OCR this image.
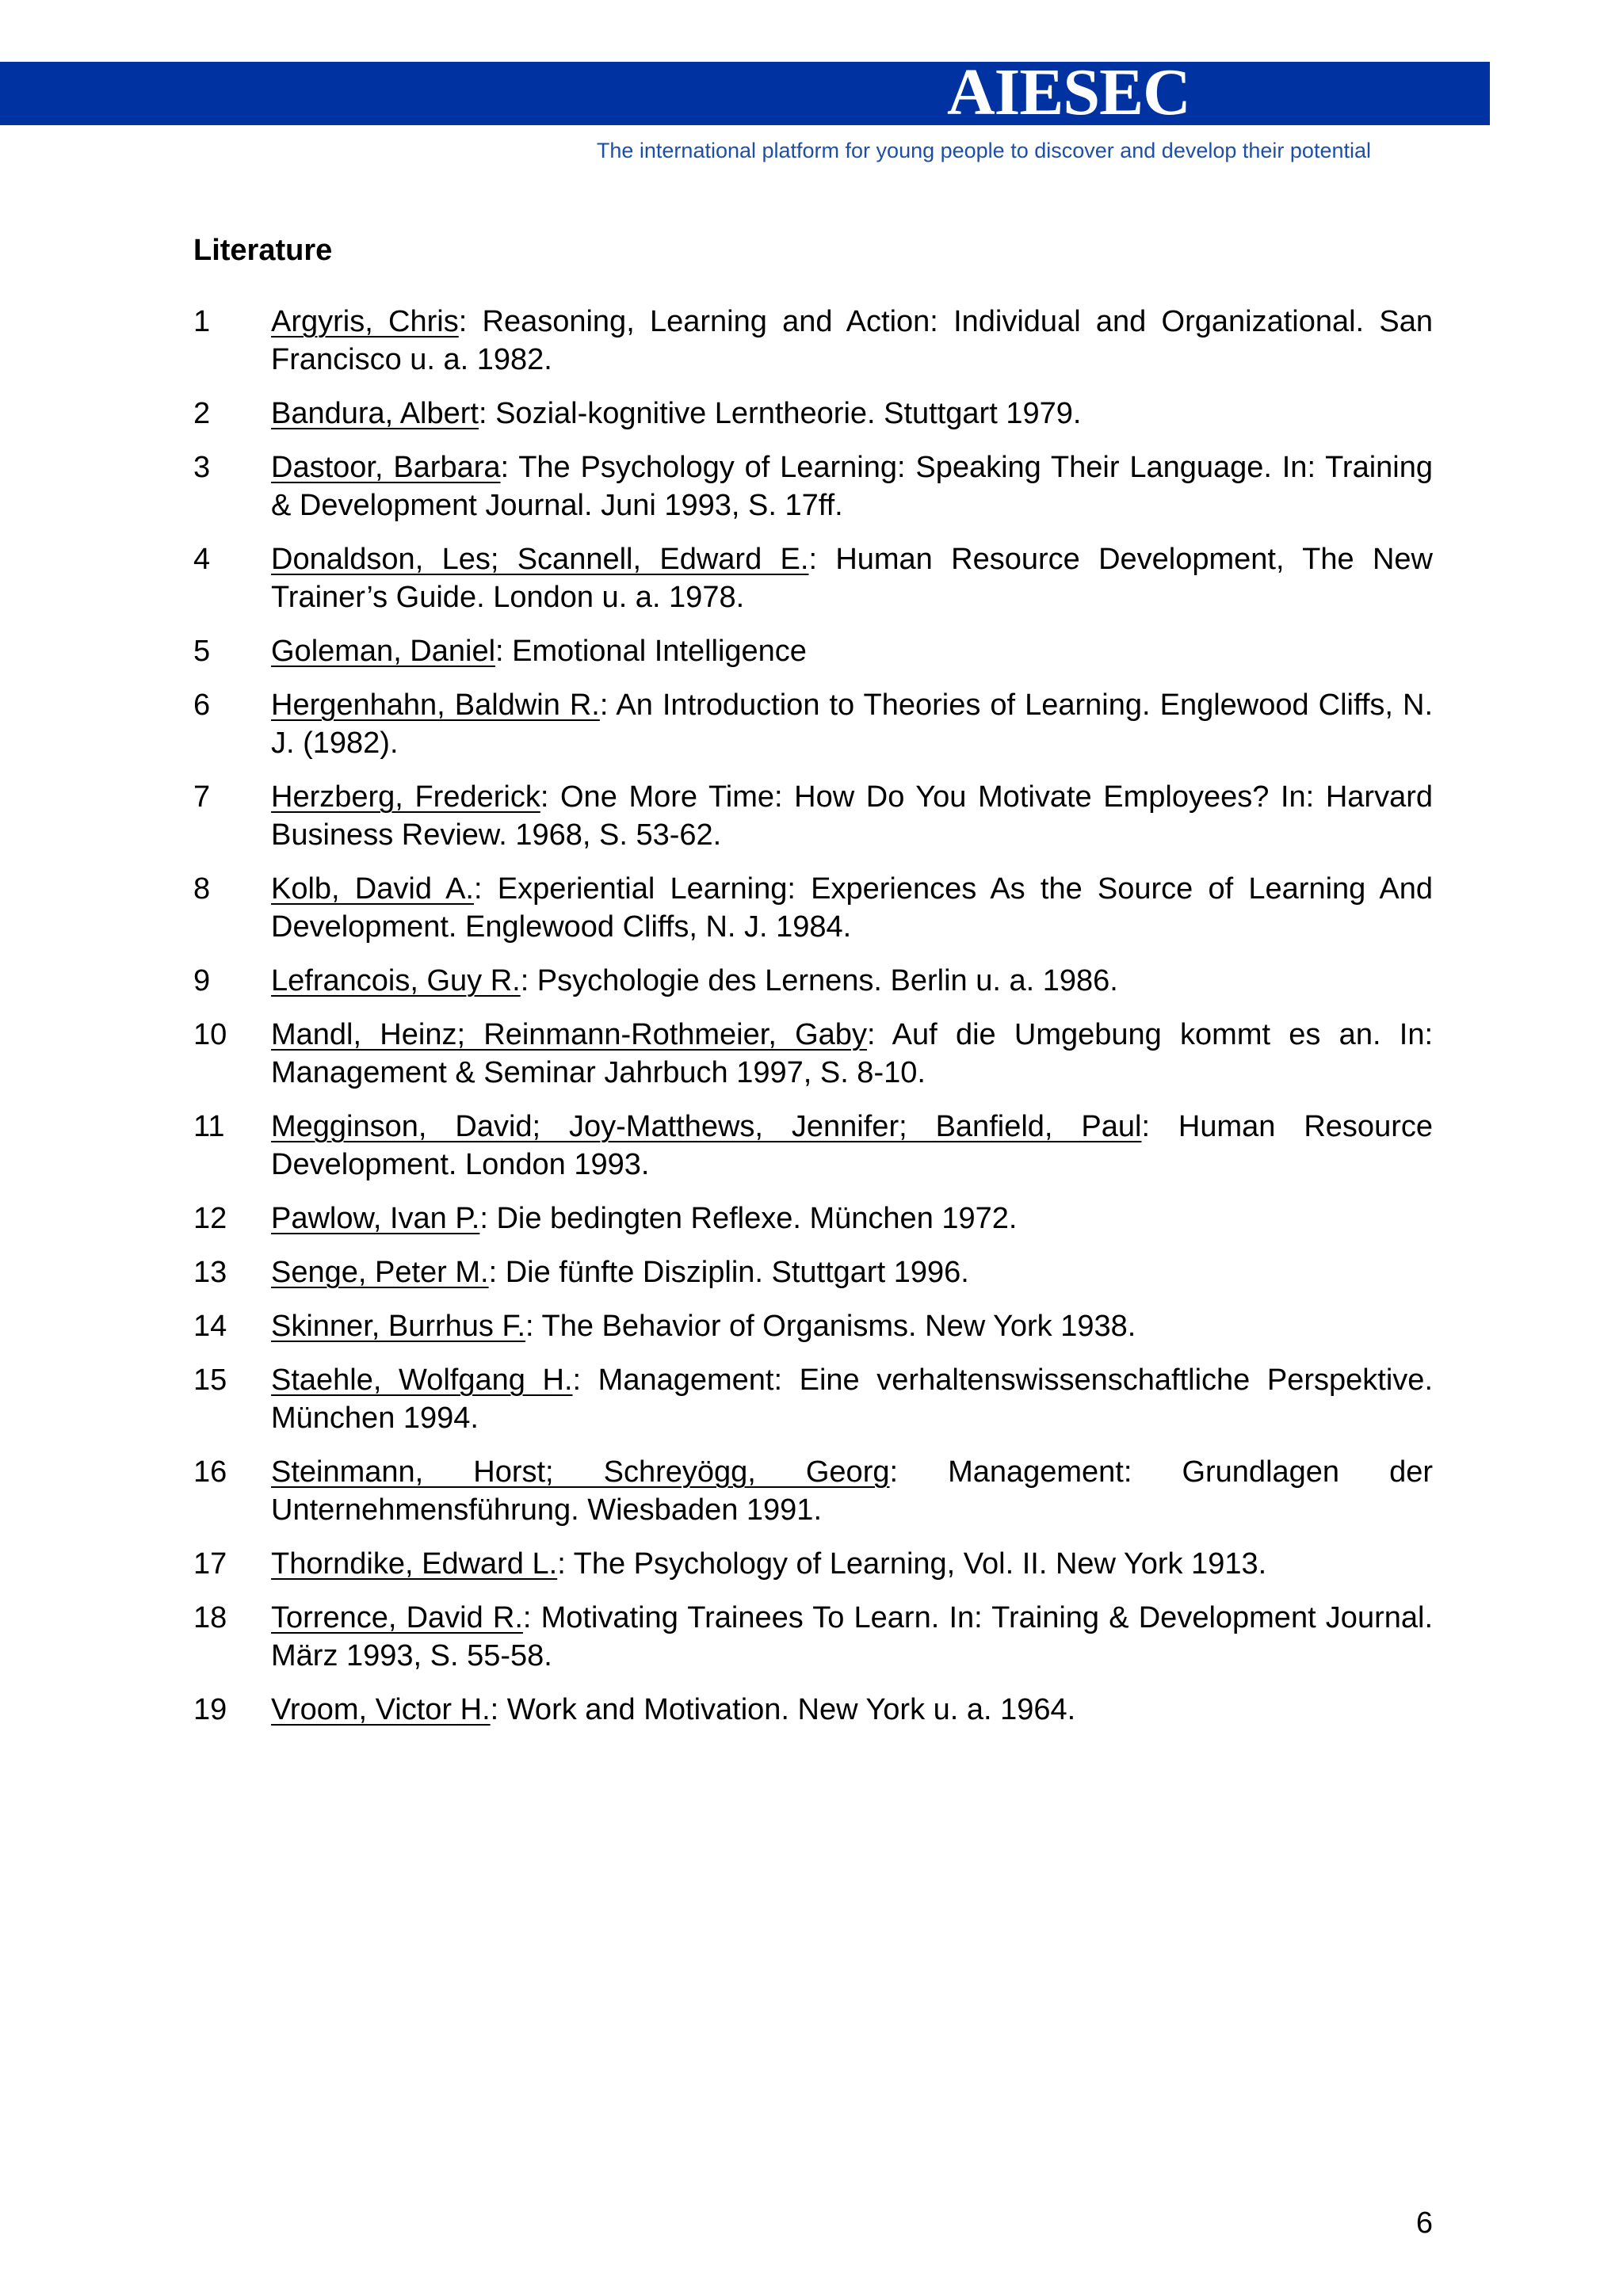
AIESEC
The international platform for young people to discover and develop their potential
Literature
1	Argyris, Chris: Reasoning, Learning and Action: Individual and Organizational. San Francisco u. a. 1982.
2	Bandura, Albert: Sozial-kognitive Lerntheorie. Stuttgart 1979.
3	Dastoor, Barbara: The Psychology of Learning: Speaking Their Language. In: Training & Development Journal. Juni 1993, S. 17ff.
4	Donaldson, Les; Scannell, Edward E.: Human Resource Development, The New Trainer’s Guide. London u. a. 1978.
5	Goleman, Daniel: Emotional Intelligence
6	Hergenhahn, Baldwin R.: An Introduction to Theories of Learning. Englewood Cliffs, N. J. (1982).
7	Herzberg, Frederick: One More Time: How Do You Motivate Employees? In: Harvard Business Review. 1968, S. 53-62.
8	Kolb, David A.: Experiential Learning: Experiences As the Source of Learning And Development. Englewood Cliffs, N. J. 1984.
9	Lefrancois, Guy R.: Psychologie des Lernens. Berlin u. a. 1986.
10	Mandl, Heinz; Reinmann-Rothmeier, Gaby: Auf die Umgebung kommt es an. In: Management & Seminar Jahrbuch 1997, S. 8-10.
11	Megginson, David; Joy-Matthews, Jennifer; Banfield, Paul: Human Resource Development. London 1993.
12	Pawlow, Ivan P.: Die bedingten Reflexe. München 1972.
13	Senge, Peter M.: Die fünfte Disziplin. Stuttgart 1996.
14	Skinner, Burrhus F.: The Behavior of Organisms. New York 1938.
15	Staehle, Wolfgang H.: Management: Eine verhaltenswissenschaftliche Perspektive. München 1994.
16	Steinmann, Horst; Schreyögg, Georg: Management: Grundlagen der Unternehmensführung. Wiesbaden 1991.
17	Thorndike, Edward L.: The Psychology of Learning, Vol. II. New York 1913.
18	Torrence, David R.: Motivating Trainees To Learn. In: Training & Development Journal. März 1993, S. 55-58.
19	Vroom, Victor H.: Work and Motivation. New York u. a. 1964.
6
